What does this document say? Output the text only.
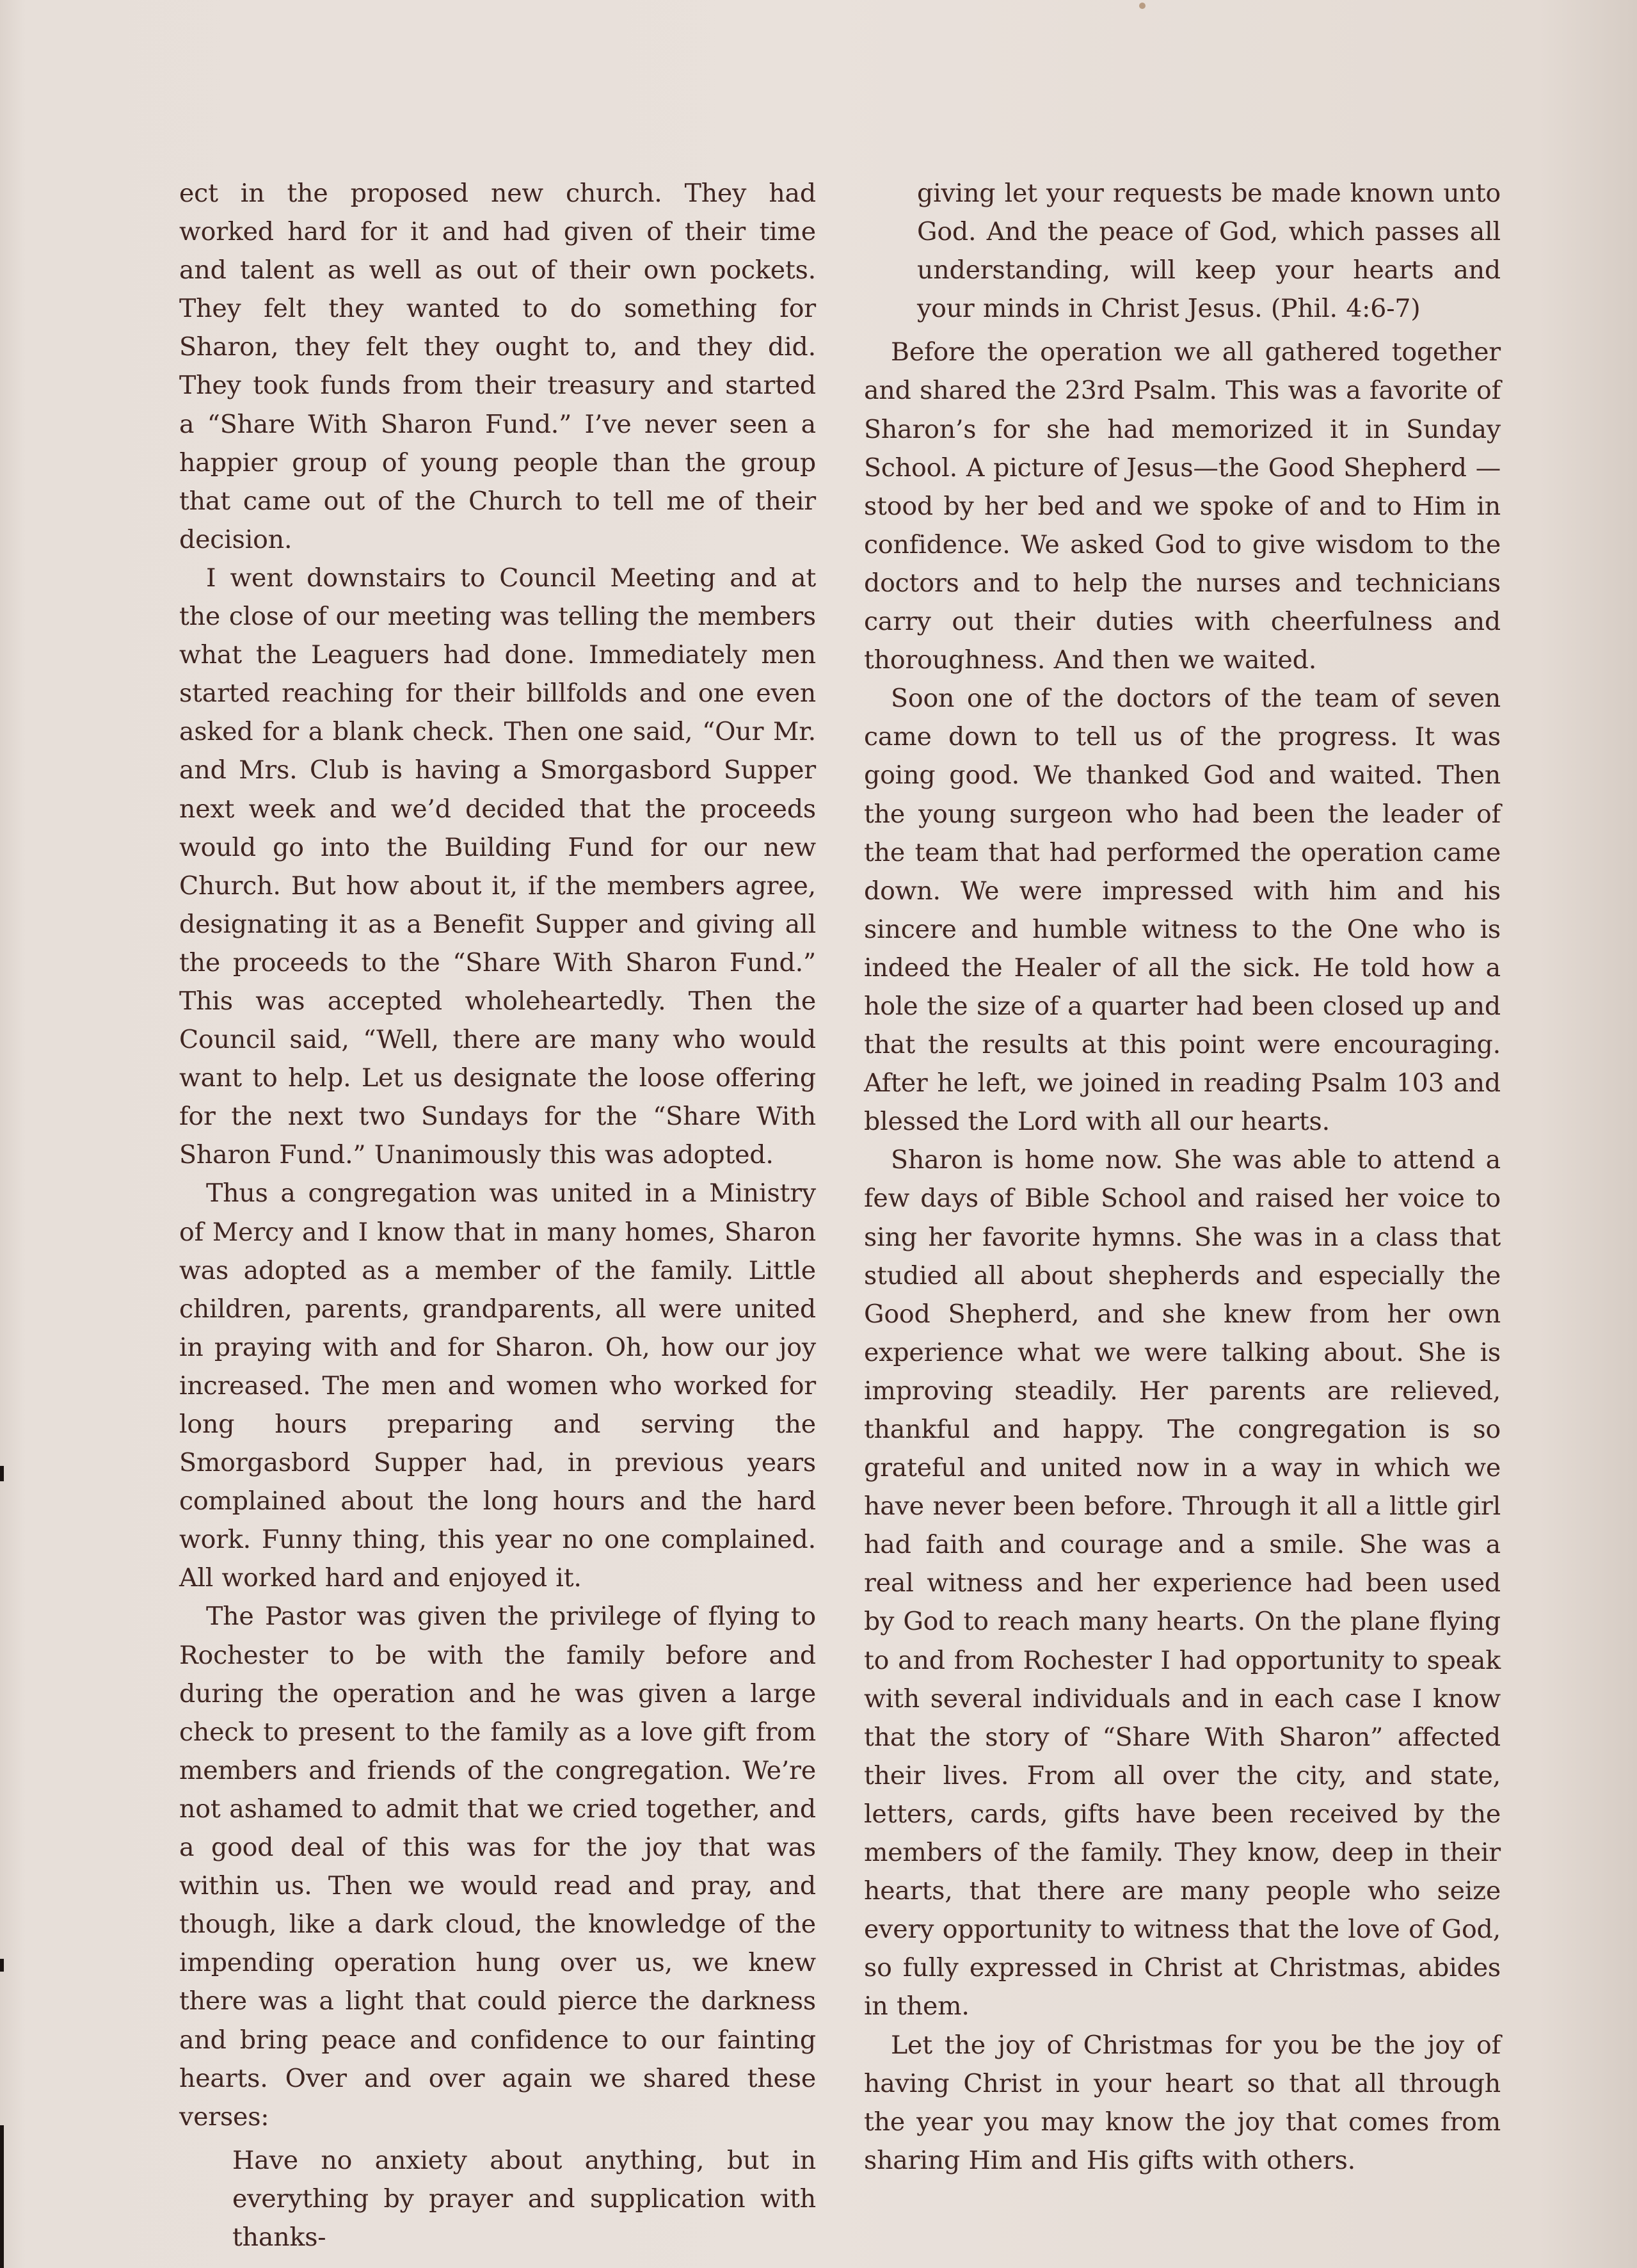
ect in the proposed new church. They had worked hard for it and had given of their time and talent as well as out of their own pockets. They felt they wanted to do something for Sharon, they felt they ought to, and they did. They took funds from their treasury and started a “Share With Sharon Fund.” I’ve never seen a happier group of young people than the group that came out of the Church to tell me of their decision.

I went downstairs to Council Meeting and at the close of our meeting was telling the members what the Leaguers had done. Immediately men started reaching for their billfolds and one even asked for a blank check. Then one said, “Our Mr. and Mrs. Club is having a Smorgasbord Supper next week and we’d decided that the proceeds would go into the Building Fund for our new Church. But how about it, if the members agree, designating it as a Benefit Supper and giving all the proceeds to the “Share With Sharon Fund.” This was accepted wholeheartedly. Then the Council said, “Well, there are many who would want to help. Let us designate the loose offering for the next two Sundays for the “Share With Sharon Fund.” Unanimously this was adopted.

Thus a congregation was united in a Ministry of Mercy and I know that in many homes, Sharon was adopted as a member of the family. Little children, parents, grandparents, all were united in praying with and for Sharon. Oh, how our joy increased. The men and women who worked for long hours preparing and serving the Smorgasbord Supper had, in previous years complained about the long hours and the hard work. Funny thing, this year no one complained. All worked hard and enjoyed it.

The Pastor was given the privilege of flying to Rochester to be with the family before and during the operation and he was given a large check to present to the family as a love gift from members and friends of the congregation. We’re not ashamed to admit that we cried together, and a good deal of this was for the joy that was within us. Then we would read and pray, and though, like a dark cloud, the knowledge of the impending operation hung over us, we knew there was a light that could pierce the darkness and bring peace and confidence to our fainting hearts. Over and over again we shared these verses:

Have no anxiety about anything, but in everything by prayer and supplication with thanks-

giving let your requests be made known unto God. And the peace of God, which passes all understanding, will keep your hearts and your minds in Christ Jesus. (Phil. 4:6-7)

Before the operation we all gathered together and shared the 23rd Psalm. This was a favorite of Sharon’s for she had memorized it in Sunday School. A picture of Jesus—the Good Shepherd —stood by her bed and we spoke of and to Him in confidence. We asked God to give wisdom to the doctors and to help the nurses and technicians carry out their duties with cheerfulness and thoroughness. And then we waited.

Soon one of the doctors of the team of seven came down to tell us of the progress. It was going good. We thanked God and waited. Then the young surgeon who had been the leader of the team that had performed the operation came down. We were impressed with him and his sincere and humble witness to the One who is indeed the Healer of all the sick. He told how a hole the size of a quarter had been closed up and that the results at this point were encouraging. After he left, we joined in reading Psalm 103 and blessed the Lord with all our hearts.

Sharon is home now. She was able to attend a few days of Bible School and raised her voice to sing her favorite hymns. She was in a class that studied all about shepherds and especially the Good Shepherd, and she knew from her own experience what we were talking about. She is improving steadily. Her parents are relieved, thankful and happy. The congregation is so grateful and united now in a way in which we have never been before. Through it all a little girl had faith and courage and a smile. She was a real witness and her experience had been used by God to reach many hearts. On the plane flying to and from Rochester I had opportunity to speak with several individuals and in each case I know that the story of “Share With Sharon” affected their lives. From all over the city, and state, letters, cards, gifts have been received by the members of the family. They know, deep in their hearts, that there are many people who seize every opportunity to witness that the love of God, so fully expressed in Christ at Christmas, abides in them.

Let the joy of Christmas for you be the joy of having Christ in your heart so that all through the year you may know the joy that comes from sharing Him and His gifts with others.
